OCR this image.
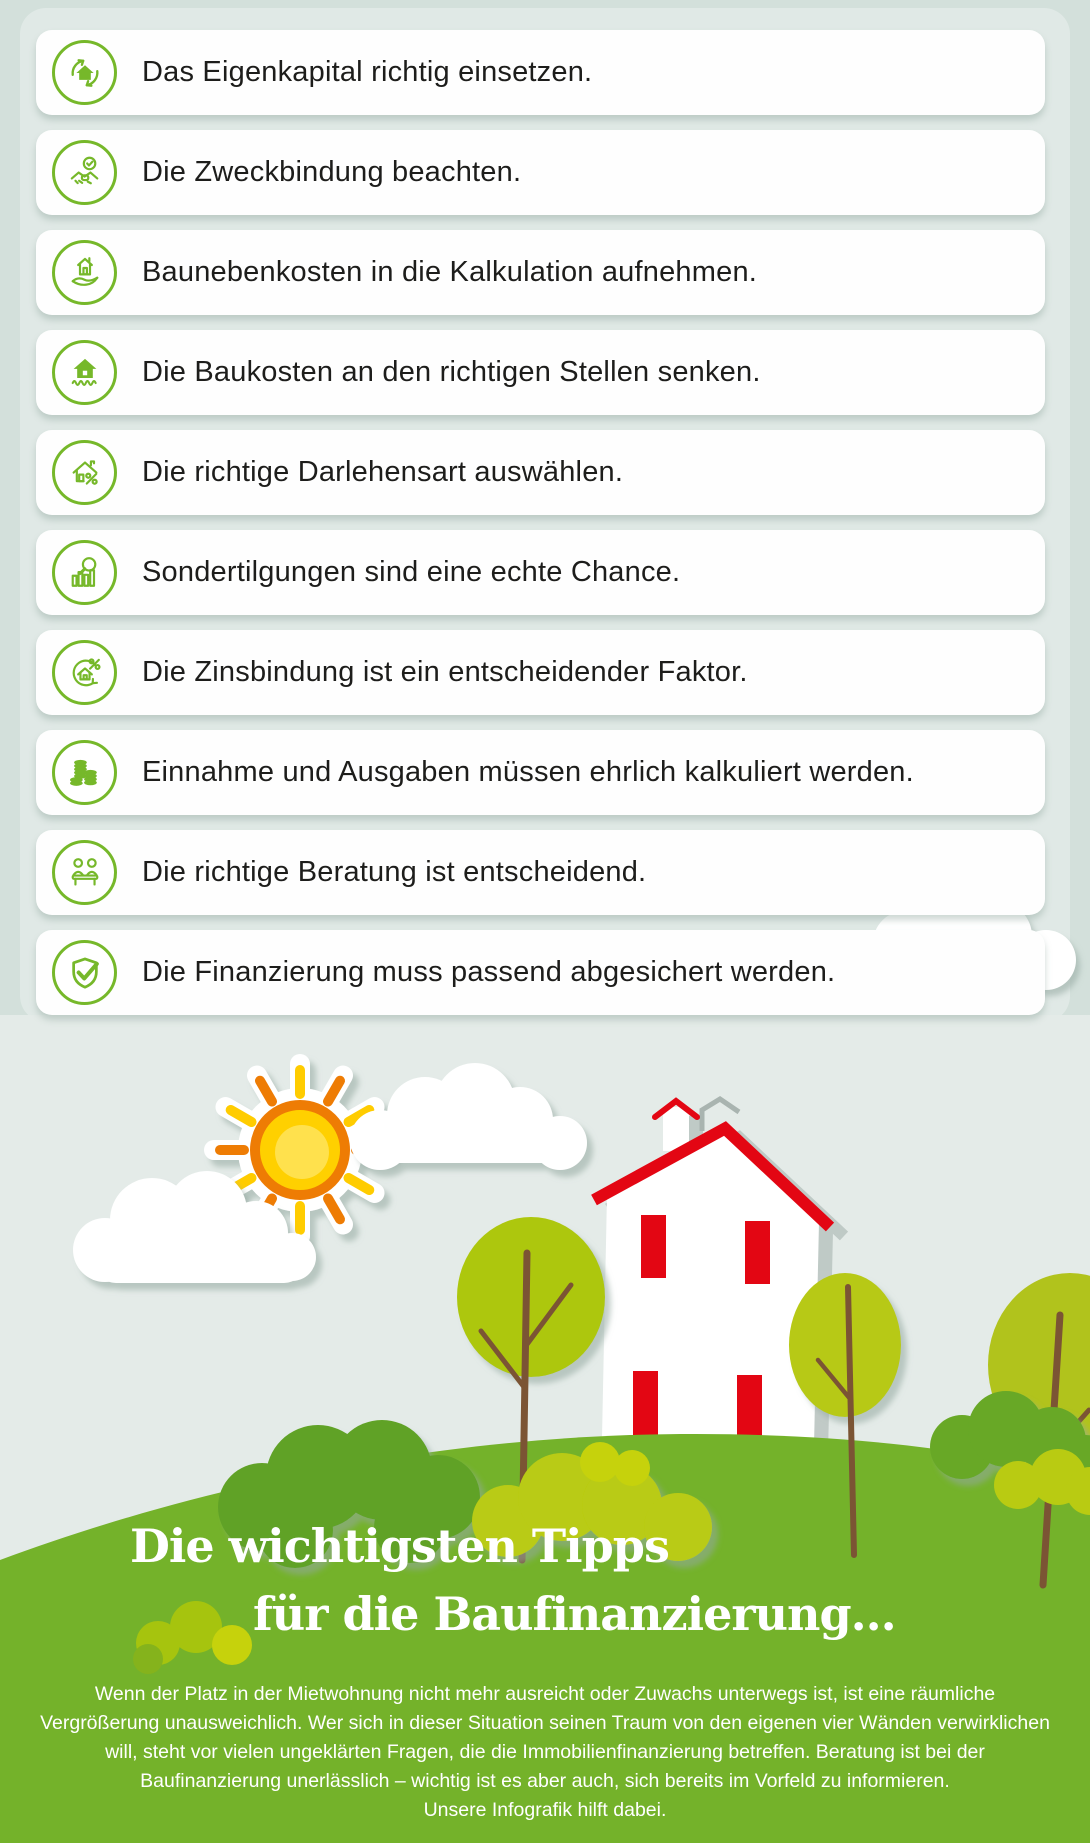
Das Eigenkapital richtig einsetzen.
Die Zweckbindung beachten.
Baunebenkosten in die Kalkulation aufnehmen.
Die Baukosten an den richtigen Stellen senken.
Die richtige Darlehensart auswählen.
Sondertilgungen sind eine echte Chance.
Die Zinsbindung ist ein entscheidender Faktor.
Einnahme und Ausgaben müssen ehrlich kalkuliert werden.
Die richtige Beratung ist entscheidend.
Die Finanzierung muss passend abgesichert werden.
Die wichtigsten Tipps
für die Baufinanzierung...
Wenn der Platz in der Mietwohnung nicht mehr ausreicht oder Zuwachs unterwegs ist, ist eine räumliche
Vergrößerung unausweichlich. Wer sich in dieser Situation seinen Traum von den eigenen vier Wänden verwirklichen
will, steht vor vielen ungeklärten Fragen, die die Immobilienfinanzierung betreffen. Beratung ist bei der
Baufinanzierung unerlässlich – wichtig ist es aber auch, sich bereits im Vorfeld zu informieren.
Unsere Infografik hilft dabei.
